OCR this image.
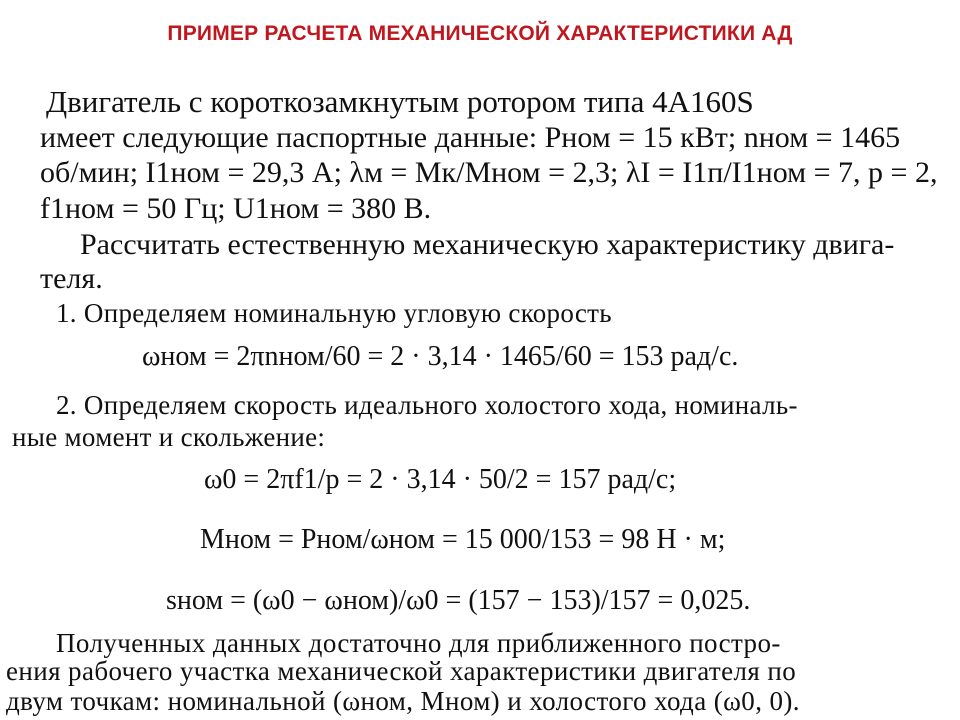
ПРИМЕР РАСЧЕТА МЕХАНИЧЕСКОЙ ХАРАКТЕРИСТИКИ АД
Двигатель с короткозамкнутым ротором типа 4А160S
имеет следующие паспортные данные: Pном = 15 кВт; nном = 1465
об/мин; I1ном = 29,3 А; λм = Мк/Мном = 2,3; λI = I1п/I1ном = 7, p = 2,
f1ном = 50 Гц; U1ном = 380 В.
Рассчитать естественную механическую характеристику двига-
теля.
1. Определяем номинальную угловую скорость
ωном = 2πnном/60 = 2 · 3,14 · 1465/60 = 153 рад/с.
2. Определяем скорость идеального холостого хода, номиналь-
ные момент и скольжение:
ω0 = 2πf1/p = 2 · 3,14 · 50/2 = 157 рад/с;
Мном = Pном/ωном = 15 000/153 = 98 Н · м;
sном = (ω0 − ωном)/ω0 = (157 − 153)/157 = 0,025.
Полученных данных достаточно для приближенного постро-
ения рабочего участка механической характеристики двигателя по
двум точкам: номинальной (ωном, Мном) и холостого хода (ω0, 0).
